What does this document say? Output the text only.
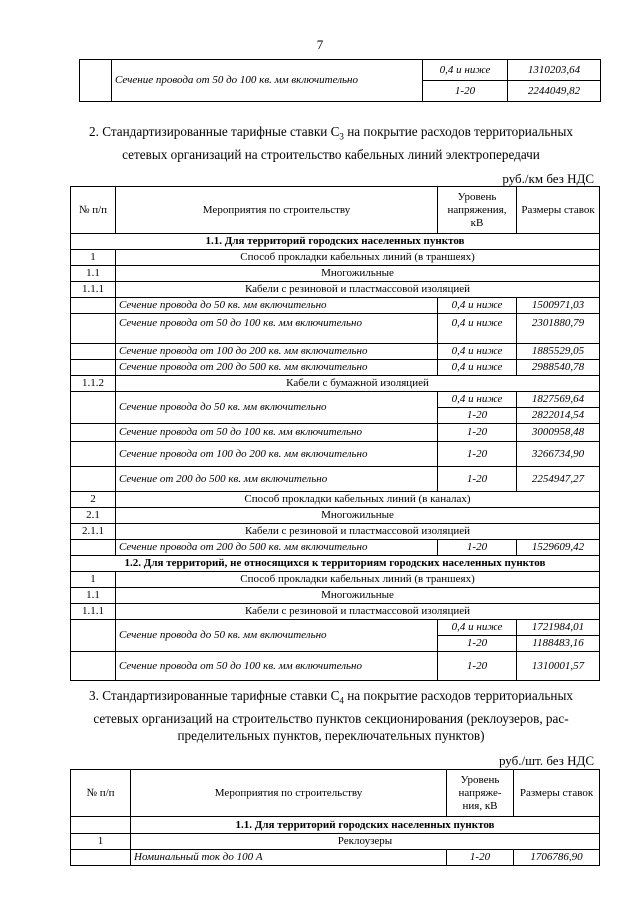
7
	Сечение провода от 50 до 100 кв. мм включительно	0,4 и ниже	1310203,64
		1-20	2244049,82
2. Стандартизированные тарифные ставки $С_3$ на покрытие расходов территориальных
сетевых организаций на строительство кабельных линий электропередачи
руб./км без НДС
№ п/п	Мероприятия по строительству	Уровень напряжения, кВ	Размеры ставок
1.1. Для территорий городских населенных пунктов			
1	Способ прокладки кабельных линий (в траншеях)		
1.1	Многожильные		
1.1.1	Кабели с резиновой и пластмассовой изоляцией		
	Сечение провода до 50 кв. мм включительно	0,4 и ниже	1500971,03
	Сечение провода от 50 до 100 кв. мм включительно	0,4 и ниже	2301880,79
	Сечение провода от 100 до 200 кв. мм включительно	0,4 и ниже	1885529,05
	Сечение провода от 200 до 500 кв. мм включительно	0,4 и ниже	2988540,78
1.1.2	Кабели с бумажной изоляцией		
	Сечение провода до 50 кв. мм включительно	0,4 и ниже	1827569,64
		1-20	2822014,54
	Сечение провода от 50 до 100 кв. мм включительно	1-20	3000958,48
	Сечение провода от 100 до 200 кв. мм включительно	1-20	3266734,90
	Сечение от 200 до 500 кв. мм включительно	1-20	2254947,27
2	Способ прокладки кабельных линий (в каналах)		
2.1	Многожильные		
2.1.1	Кабели с резиновой и пластмассовой изоляцией		
	Сечение провода от 200 до 500 кв. мм включительно	1-20	1529609,42
1.2. Для территорий, не относящихся к территориям городских населенных пунктов			
1	Способ прокладки кабельных линий (в траншеях)		
1.1	Многожильные		
1.1.1	Кабели с резиновой и пластмассовой изоляцией		
	Сечение провода до 50 кв. мм включительно	0,4 и ниже	1721984,01
		1-20	1188483,16
	Сечение провода от 50 до 100 кв. мм включительно	1-20	1310001,57
3. Стандартизированные тарифные ставки $С_4$ на покрытие расходов территориальных
сетевых организаций на строительство пунктов секционирования (реклоузеров, рас-
пределительных пунктов, переключательных пунктов)
руб./шт. без НДС
№ п/п	Мероприятия по строительству	Уровень напряже-ния, кВ	Размеры ставок
	1.1. Для территорий городских населенных пунктов		
1	Реклоузеры		
	Номинальный ток до 100 А	1-20	1706786,90
